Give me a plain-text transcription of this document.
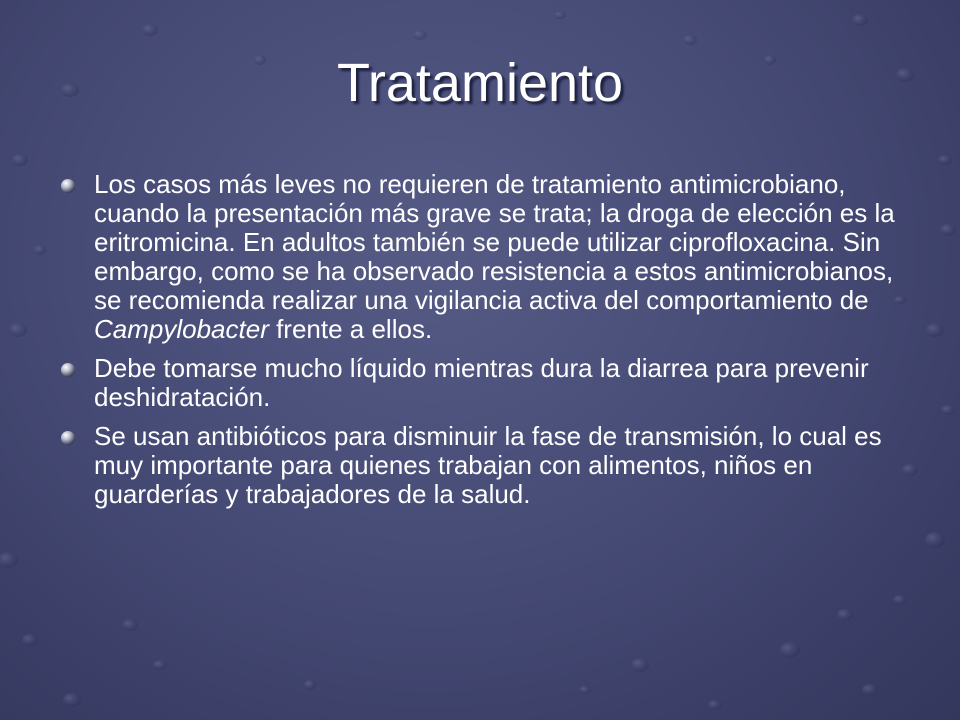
Tratamiento
Los casos más leves no requieren de tratamiento antimicrobiano, cuando la presentación más grave se trata; la droga de elección es la eritromicina. En adultos también se puede utilizar ciprofloxacina. Sin embargo, como se ha observado resistencia a estos antimicrobianos, se recomienda realizar una vigilancia activa del comportamiento de Campylobacter frente a ellos.
Debe tomarse mucho líquido mientras dura la diarrea para prevenir deshidratación.
Se usan antibióticos para disminuir la fase de transmisión, lo cual es muy importante para quienes trabajan con alimentos, niños en guarderías y trabajadores de la salud.
